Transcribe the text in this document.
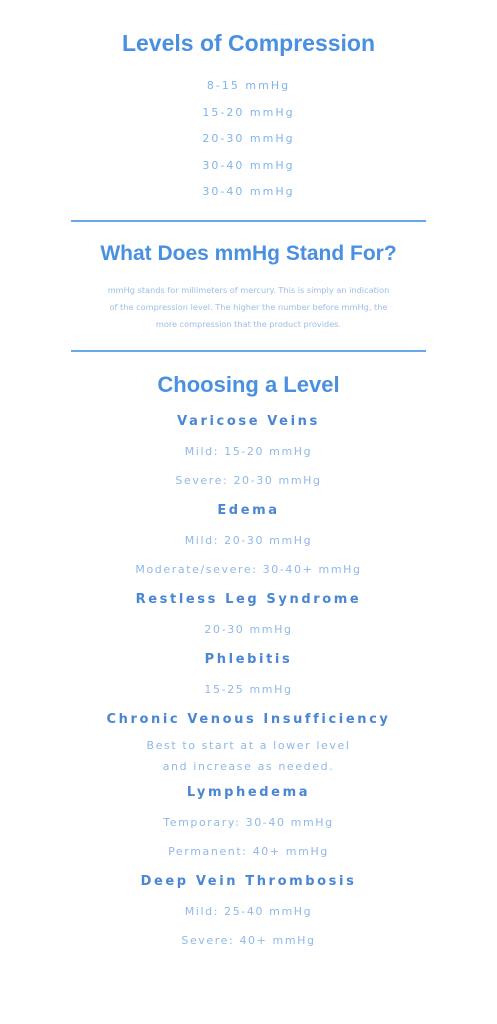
Levels of Compression
8-15 mmHg
15-20 mmHg
20-30 mmHg
30-40 mmHg
30-40 mmHg
What Does mmHg Stand For?

mmHg stands for millimeters of mercury. This is simply an indication of the compression level. The higher the number before mmHg, the more compression that the product provides.

Choosing a Level
Varicose Veins
Mild: 15-20 mmHg
Severe: 20-30 mmHg
Edema
Mild: 20-30 mmHg
Moderate/severe: 30-40+ mmHg
Restless Leg Syndrome
20-30 mmHg
Phlebitis
15-25 mmHg
Chronic Venous Insufficiency
Best to start at a lower level
and increase as needed.
Lymphedema
Temporary: 30-40 mmHg
Permanent: 40+ mmHg
Deep Vein Thrombosis
Mild: 25-40 mmHg
Severe: 40+ mmHg
